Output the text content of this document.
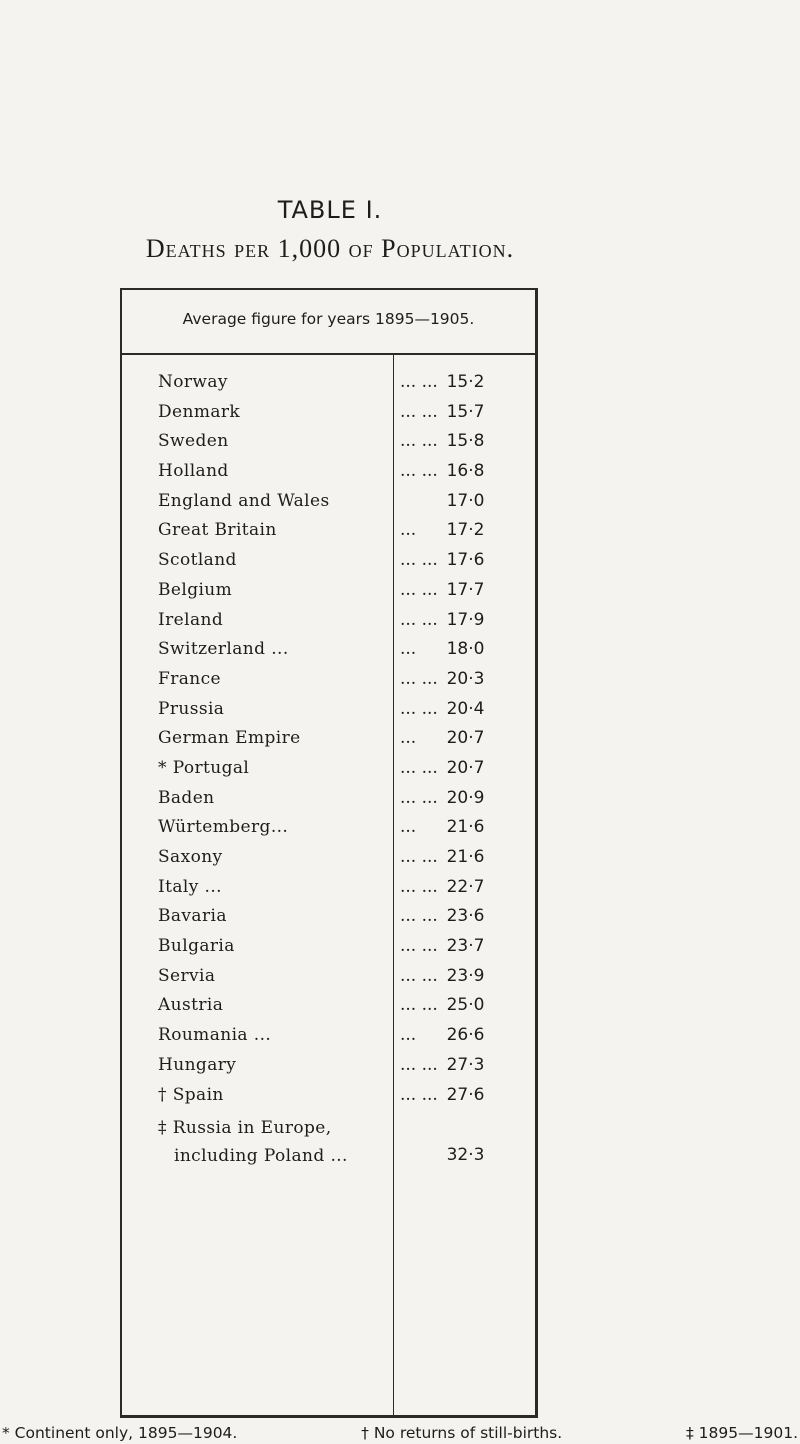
TABLE I.
Deaths per 1,000 of Population.
Average figure for years 1895—1905.
Norway	... ... 15·2
Denmark	... ... 15·7
Sweden	... ... 15·8
Holland	... ... 16·8
England and Wales	17·0
Great Britain	...	17·2
Scotland	... ... 17·6
Belgium	... ... 17·7
Ireland	... ... 17·9
Switzerland ...	...	18·0
France	... ... 20·3
Prussia	... ... 20·4
German Empire	...	20·7
* Portugal	... ... 20·7
Baden	... ... 20·9
Würtemberg...	...	21·6
Saxony	... ... 21·6
Italy ...	... ... 22·7
Bavaria	... ... 23·6
Bulgaria	... ... 23·7
Servia	... ... 23·9
Austria	... ... 25·0
Roumania ...	...	26·6
Hungary	... ... 27·3
† Spain	... ... 27·6
‡ Russia in Europe,
including Poland ...	32·3
* Continent only, 1895—1904.	† No returns of still-births.	‡ 1895—1901.
